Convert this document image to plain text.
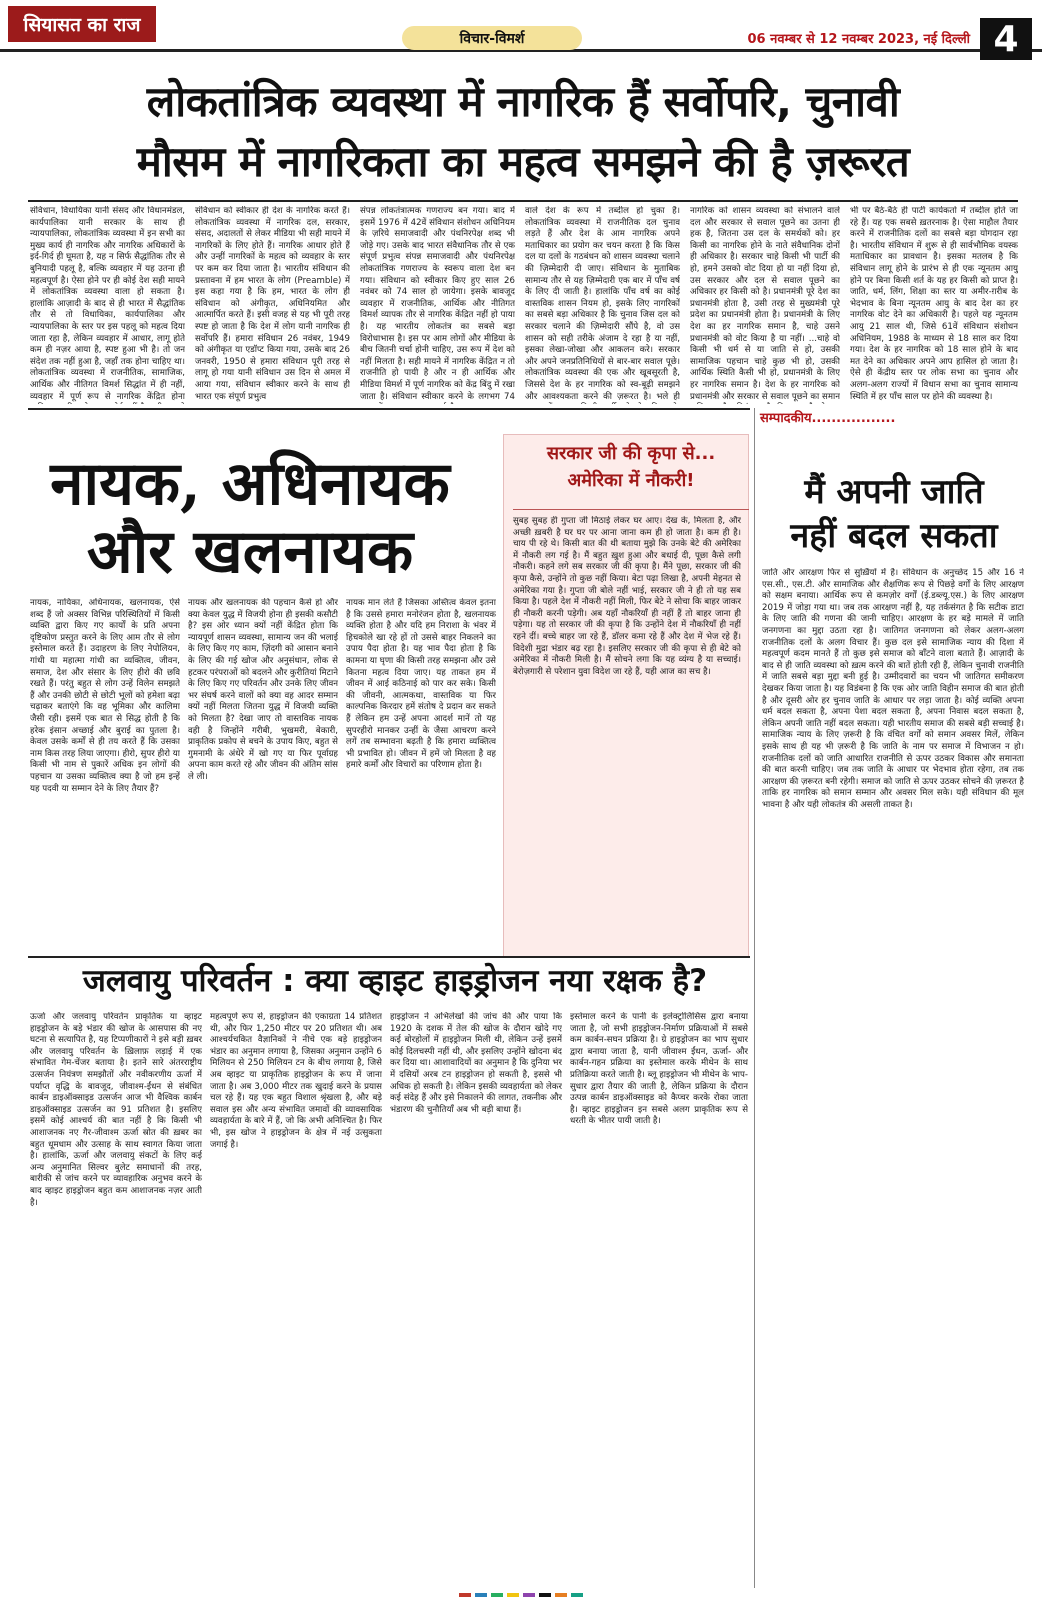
सियासत का राज
विचार-विमर्श	06 नवम्बर से 12 नवम्बर 2023, नई दिल्ली 4
लोकतांत्रिक व्यवस्था में नागरिक हैं सर्वोपरि, चुनावी
मौसम में नागरिकता का महत्व समझने की है ज़रूरत
संविधान, विधायिका यानी संसद और विधानमंडल, कार्यपालिका यानी सरकार के साथ ही न्यायपालिका, लोकतांत्रिक व्यवस्था में इन सभी का मुख्य कार्य ही नागरिक और नागरिक अधिकारों के इर्द-गिर्द ही घूमता है, यह न सिर्फ सैद्धांतिक तौर से बुनियादी पहलू है, बल्कि व्यवहार में यह उतना ही महत्वपूर्ण है। ऐसा होने पर ही कोई देश सही मायने में लोकतांत्रिक व्यवस्था वाला हो सकता है। हालांकि आज़ादी के बाद से ही भारत में सैद्धांतिक तौर से तो विधायिका, कार्यपालिका और न्यायपालिका के स्तर पर इस पहलू को महत्व दिया जाता रहा है, लेकिन व्यवहार में आधार, लागू होते कम ही नज़र आया है, स्पष्ट हुआ भी है। तो जन संदेश तक नहीं हुआ है, जहाँ तक होना चाहिए था। लोकतांत्रिक व्यवस्था में राजनीतिक, सामाजिक, आर्थिक और नीतिगत विमर्श सिद्धांत में ही नहीं, व्यवहार में पूर्ण रूप से नागरिक केंद्रित होना
संविधान को स्वीकार ही देश के नागरिक करते हैं। लोकतांत्रिक व्यवस्था में नागरिक दल, सरकार, संसद, अदालतों से लेकर मीडिया भी सही मायने में नागरिकों के लिए होते हैं। नागरिक आधार होते हैं और उन्हीं नागरिकों के महत्व को व्यवहार के स्तर पर कम कर दिया जाता है। भारतीय संविधान की प्रस्तावना में हम भारत के लोग (Preamble) में इस कहा गया है कि हम, भारत के लोग ही संविधान को अंगीकृत, अधिनियमित और आत्मार्पित करते हैं। इसी वजह से यह भी पूरी तरह स्पष्ट हो जाता है कि देश में लोग यानी नागरिक ही सर्वोपरि हैं। हमारा संविधान 26 नवंबर, 1949 को अंगीकृत या एडॉप्ट किया गया, उसके बाद 26 जनवरी, 1950 से हमारा संविधान पूरी तरह से लागू हो गया यानी संविधान उस दिन से अमल में आया गया, संविधान स्वीकार करने के साथ ही भारत एक संपूर्ण प्रभुत्व
संपन्न लोकतंत्रात्मक गणराज्य बन गया। बाद में इसमें 1976 में 42वें संविधान संशोधन अधिनियम के ज़रिये समाजवादी और पंथनिरपेक्ष शब्द भी जोड़े गए। उसके बाद भारत संवैधानिक तौर से एक संपूर्ण प्रभुत्व संपन्न समाजवादी और पंथनिरपेक्ष लोकतांत्रिक गणराज्य के स्वरूप वाला देश बन गया। संविधान को स्वीकार किए हुए साल 26 नवंबर को 74 साल हो जायेगा। इसके बावजूद व्यवहार में राजनीतिक, आर्थिक और नीतिगत विमर्श व्यापक तौर से नागरिक केंद्रित नहीं हो पाया है। यह भारतीय लोकतंत्र का सबसे बड़ा विरोधाभास है। इस पर आम लोगों और मीडिया के बीच जितनी चर्चा होनी चाहिए, उस रूप में देश को नहीं मिलता है। सही मायने में नागरिक केंद्रित न तो राजनीति हो पायी है और न ही आर्थिक और मीडिया विमर्श में पूर्ण नागरिक को केंद्र बिंदु में रखा जाता है। संविधान स्वीकार करने के लगभग 74
वाले देश के रूप में तब्दील हो चुका है। लोकतांत्रिक व्यवस्था में राजनीतिक दल चुनाव लड़ते हैं और देश के आम नागरिक अपने मताधिकार का प्रयोग कर चयन करता है कि किस दल या दलों के गठबंधन को शासन व्यवस्था चलाने की ज़िम्मेदारी दी जाए। संविधान के मुताबिक सामान्य तौर से यह ज़िम्मेदारी एक बार में पाँच वर्ष के लिए दी जाती है। हालांकि पाँच वर्ष का कोई वास्तविक शासन नियम हो, इसके लिए नागरिकों का सबसे बड़ा अधिकार है कि चुनाव जिस दल को सरकार चलाने की ज़िम्मेदारी सौंपे है, वो उस शासन को सही तरीके अंजाम दे रहा है या नहीं, इसका लेखा-जोखा और आकलन करे। सरकार और अपने जनप्रतिनिधियों से बार-बार सवाल पूछे। लोकतांत्रिक व्यवस्था की एक और खूबसूरती है, जिससे देश के हर नागरिक को स्व-बूढ़ी समझने और आवश्यकता करने की ज़रूरत है। भले ही
नागरिक को शासन व्यवस्था को संभालने वाले दल और सरकार से सवाल पूछने का उतना ही हक है, जितना उस दल के समर्थकों को। हर किसी का नागरिक होने के नाते संवैधानिक दोनों ही अधिकार है। सरकार चाहे किसी भी पार्टी की हो, हमने उसको वोट दिया हो या नहीं दिया हो, उस सरकार और दल से सवाल पूछने का अधिकार हर किसी को है। प्रधानमंत्री पूरे देश का प्रधानमंत्री होता है, उसी तरह से मुख्यमंत्री पूरे प्रदेश का प्रधानमंत्री होता है। प्रधानमंत्री के लिए देश का हर नागरिक समान है, चाहे उसने प्रधानमंत्री को वोट किया है या नहीं। ...चाहे वो किसी भी धर्म से या जाति से हो, उसकी सामाजिक पहचान चाहे कुछ भी हो, उसकी आर्थिक स्थिति कैसी भी हो, प्रधानमंत्री के लिए हर नागरिक समान है। देश के हर नागरिक को प्रधानमंत्री और सरकार से सवाल पूछने का समान
भी पर बैठे-बैठे ही पार्टी कार्यकर्ता में तब्दील होते जा रहे हैं। यह एक सबसे ख़तरनाक है। ऐसा माहौल तैयार करने में राजनीतिक दलों का सबसे बड़ा योगदान रहा है। भारतीय संविधान में शुरू से ही सार्वभौमिक वयस्क मताधिकार का प्रावधान है। इसका मतलब है कि संविधान लागू होने के प्रारंभ से ही एक न्यूनतम आयु होने पर बिना किसी शर्त के यह हर किसी को प्राप्त है। जाति, धर्म, लिंग, शिक्षा का स्तर या अमीर-ग़रीब के भेदभाव के बिना न्यूनतम आयु के बाद देश का हर नागरिक वोट देने का अधिकारी है। पहले यह न्यूनतम आयु 21 साल थी, जिसे 61वें संविधान संशोधन अधिनियम, 1988 के माध्यम से 18 साल कर दिया गया। देश के हर नागरिक को 18 साल होने के बाद मत देने का अधिकार अपने आप हासिल हो जाता है। ऐसे ही केंद्रीय स्तर पर लोक सभा का चुनाव और अलग-अलग राज्यों में विधान सभा का चुनाव सामान्य स्थिति में हर पाँच साल पर होने की व्यवस्था है।
नायक, अधिनायक
और खलनायक
नायक, नायिका, अधिनायक, खलनायक, ऐसे शब्द हैं जो अक्सर विभिन्न परिस्थितियों में किसी व्यक्ति द्वारा किए गए कार्यों के प्रति अपना दृष्टिकोण प्रस्तुत करने के लिए आम तौर से लोग इस्तेमाल करते हैं। उदाहरण के लिए नेपोलियन, गांधी या महात्मा गांधी का व्यक्तित्व, जीवन, समाज, देश और संसार के लिए हीरो की छवि रखते हैं। परंतु बहुत से लोग उन्हें विलेन समझते हैं और उनकी छोटी से छोटी भूलों को हमेशा बढ़ा चढ़ाकर बताएंगे कि वह भूमिका और कालिमा जैसी रही। इसमें एक बात से सिद्ध होती है कि हरेक इंसान अच्छाई और बुराई का पुतला है। केवल उसके कर्मों से ही तय करते हैं कि उसका नाम किस तरह लिया जाएगा। हीरो, सुपर हीरो या किसी भी नाम से पुकारें अधिक इन लोगों की पहचान या उसका व्यक्तित्व क्या है जो हम इन्हें यह पदवी या सम्मान देने के लिए तैयार हैं?
नायक और खलनायक की पहचान कैसे हो और क्या केवल युद्ध में विजयी होना ही इसकी कसौटी है? इस ओर ध्यान क्यों नहीं केंद्रित होता कि न्यायपूर्ण शासन व्यवस्था, सामान्य जन की भलाई के लिए किए गए काम, ज़िंदगी को आसान बनाने के लिए की गई खोज और अनुसंधान, लोक से हटकर परंपराओं को बदलने और कुरीतियां मिटाने के लिए किए गए परिवर्तन और उनके लिए जीवन भर संघर्ष करने वालों को क्या वह आदर सम्मान क्यों नहीं मिलता जितना युद्ध में विजयी व्यक्ति को मिलता है? देखा जाए तो वास्तविक नायक वही है जिन्होंने गरीबी, भुखमरी, बेकारी, प्राकृतिक प्रकोप से बचने के उपाय किए, बहुत से गुमनामी के अंधेरे में खो गए या फिर पूर्वाग्रह अपना काम करते रहे और जीवन की अंतिम सांस ले ली।
नायक मान लेते हैं जिसका अस्तित्व केवल इतना है कि उससे हमारा मनोरंजन होता है, खलनायक व्यक्ति होता है और यदि हम निराशा के भंवर में हिचकोले खा रहे हों तो उससे बाहर निकलने का उपाय पैदा होता है। यह भाव पैदा होता है कि कामना या घृणा की किसी तरह समझना और उसे कितना महत्व दिया जाए। यह ताकत हम में जीवन में आई कठिनाई को पार कर सके। किसी की जीवनी, आत्मकथा, वास्तविक या फिर काल्पनिक किरदार हमें संतोष दे प्रदान कर सकते हैं लेकिन हम उन्हें अपना आदर्श मानें तो यह सुपरहीरो मानकर उन्हीं के जैसा आचरण करने लगें तब सम्भावना बढ़ती है कि हमारा व्यक्तित्व भी प्रभावित हो। जीवन में हमें जो मिलता है वह हमारे कर्मों और विचारों का परिणाम होता है।
सरकार जी की कृपा से...
अमेरिका में नौकरी!
सुबह सुबह ही गुप्ता जी मिठाई लेकर घर आए। देख के, मिलता है, और अच्छी ख़बरी है घर घर पर आना जाना कम ही हो जाता है। कम ही है। चाय पी रहे थे। किसी बात की थी बताया मुझे कि उनके बेटे की अमेरिका में नौकरी लग गई है। मैं बहुत ख़ुश हुआ और बधाई दी, पूछा कैसे लगी नौकरी। कहने लगे सब सरकार जी की कृपा है। मैंने पूछा, सरकार जी की कृपा कैसे, उन्होंने तो कुछ नहीं किया। बेटा पढ़ा लिखा है, अपनी मेहनत से अमेरिका गया है। गुप्ता जी बोले नहीं भाई, सरकार जी ने ही तो यह सब किया है। पहले देश में नौकरी नहीं मिली, फिर बेटे ने सोचा कि बाहर जाकर ही नौकरी करनी पड़ेगी। अब यहाँ नौकरियाँ ही नहीं हैं तो बाहर जाना ही पड़ेगा। यह तो सरकार जी की कृपा है कि उन्होंने देश में नौकरियाँ ही नहीं रहने दीं। बच्चे बाहर जा रहे हैं, डॉलर कमा रहे हैं और देश में भेज रहे हैं। विदेशी मुद्रा भंडार बढ़ रहा है। इसलिए सरकार जी की कृपा से ही बेटे को अमेरिका में नौकरी मिली है। मैं सोचने लगा कि यह व्यंग्य है या सच्चाई। बेरोज़गारी से परेशान युवा विदेश जा रहे हैं, यही आज का सच है।
सम्पादकीय.................
मैं अपनी जाति
नहीं बदल सकता
जाति और आरक्षण फिर से सुर्ख़ियों में है। संविधान के अनुच्छेद 15 और 16 ने एस.सी., एस.टी. और सामाजिक और शैक्षणिक रूप से पिछड़े वर्गों के लिए आरक्षण को सक्षम बनाया। आर्थिक रूप से कमज़ोर वर्गों (ई.डब्ल्यू.एस.) के लिए आरक्षण 2019 में जोड़ा गया था। जब तक आरक्षण नहीं है, यह तर्कसंगत है कि सटीक डाटा के लिए जाति की गणना की जानी चाहिए। आरक्षण के हर बड़े मामले में जाति जनगणना का मुद्दा उठता रहा है। जातिगत जनगणना को लेकर अलग-अलग राजनीतिक दलों के अलग विचार हैं। कुछ दल इसे सामाजिक न्याय की दिशा में महत्वपूर्ण कदम मानते हैं तो कुछ इसे समाज को बाँटने वाला बताते हैं। आज़ादी के बाद से ही जाति व्यवस्था को ख़त्म करने की बातें होती रही हैं, लेकिन चुनावी राजनीति में जाति सबसे बड़ा मुद्दा बनी हुई है। उम्मीदवारों का चयन भी जातिगत समीकरण देखकर किया जाता है। यह विडंबना है कि एक ओर जाति विहीन समाज की बात होती है और दूसरी ओर हर चुनाव जाति के आधार पर लड़ा जाता है। कोई व्यक्ति अपना धर्म बदल सकता है, अपना पेशा बदल सकता है, अपना निवास बदल सकता है, लेकिन अपनी जाति नहीं बदल सकता। यही भारतीय समाज की सबसे बड़ी सच्चाई है। सामाजिक न्याय के लिए ज़रूरी है कि वंचित वर्गों को समान अवसर मिलें, लेकिन इसके साथ ही यह भी ज़रूरी है कि जाति के नाम पर समाज में विभाजन न हो। राजनीतिक दलों को जाति आधारित राजनीति से ऊपर उठकर विकास और समानता की बात करनी चाहिए। जब तक जाति के आधार पर भेदभाव होता रहेगा, तब तक आरक्षण की ज़रूरत बनी रहेगी। समाज को जाति से ऊपर उठकर सोचने की ज़रूरत है ताकि हर नागरिक को समान सम्मान और अवसर मिल सके। यही संविधान की मूल भावना है और यही लोकतंत्र की असली ताकत है।
जलवायु परिवर्तन : क्या व्हाइट हाइड्रोजन नया रक्षक है?
ऊर्जा और जलवायु परिवर्तन प्राकृतिक या व्हाइट हाइड्रोजन के बड़े भंडार की खोज के आसपास की नए घटना से सत्यापित है, यह टिप्पणीकारों ने इसे बड़ी ख़बर और जलवायु परिवर्तन के ख़िलाफ़ लड़ाई में एक संभावित गेम-चेंजर बताया है। इतने सारे अंतरराष्ट्रीय उत्सर्जन नियंत्रण समझौतों और नवीकरणीय ऊर्जा में पर्याप्त वृद्धि के बावजूद, जीवाश्म-ईंधन से संबंधित कार्बन डाइऑक्साइड उत्सर्जन आज भी वैश्विक कार्बन डाइऑक्साइड उत्सर्जन का 91 प्रतिशत है। इसलिए इसमें कोई आश्चर्य की बात नहीं है कि किसी भी आशाजनक नए गैर-जीवाश्म ऊर्जा स्रोत की ख़बर का बहुत धूमधाम और उत्साह के साथ स्वागत किया जाता है। हालांकि, ऊर्जा और जलवायु संकटों के लिए कई अन्य अनुमानित सिल्वर बुलेट समाधानों की तरह, बारीकी से जांच करने पर व्यावहारिक अनुभव करने के बाद व्हाइट हाइड्रोजन बहुत कम आशाजनक नज़र आती है।
महत्वपूर्ण रूप से, हाइड्रोजन की एकाग्रता 14 प्रतिशत थी, और फिर 1,250 मीटर पर 20 प्रतिशत थी। अब आश्चर्यचकित वैज्ञानिकों ने नीचे एक बड़े हाइड्रोजन भंडार का अनुमान लगाया है, जिसका अनुमान उन्होंने 6 मिलियन से 250 मिलियन टन के बीच लगाया है, जिसे अब व्हाइट या प्राकृतिक हाइड्रोजन के रूप में जाना जाता है। अब 3,000 मीटर तक खुदाई करने के प्रयास चल रहे हैं। यह एक बहुत विशाल श्रृंखला है, और बड़े सवाल इस और अन्य संभावित जमावों की व्यावसायिक व्यवहार्यता के बारे में हैं, जो कि अभी अनिश्चित है। फिर भी, इस खोज ने हाइड्रोजन के क्षेत्र में नई उत्सुकता जगाई है।
हाइड्रोजन ने अभिलेखों की जांच की और पाया कि 1920 के दशक में तेल की खोज के दौरान खोदे गए कई बोरहोलों में हाइड्रोजन मिली थी, लेकिन उन्हें इसमें कोई दिलचस्पी नहीं थी, और इसलिए उन्होंने खोदना बंद कर दिया था। आशावादियों का अनुमान है कि दुनिया भर में दसियों अरब टन हाइड्रोजन हो सकती है, इससे भी अधिक हो सकती है। लेकिन इसकी व्यवहार्यता को लेकर कई संदेह हैं और इसे निकालने की लागत, तकनीक और भंडारण की चुनौतियाँ अब भी बड़ी बाधा हैं।
इस्तेमाल करने के पानी के इलेक्ट्रोलिसिस द्वारा बनाया जाता है, जो सभी हाइड्रोजन-निर्माण प्रक्रियाओं में सबसे कम कार्बन-सघन प्रक्रिया है। ग्रे हाइड्रोजन का भाप सुधार द्वारा बनाया जाता है, यानी जीवाश्म ईंधन, ऊर्जा- और कार्बन-गहन प्रक्रिया का इस्तेमाल करके मीथेन के साथ प्रतिक्रिया करते जाती है। ब्लू हाइड्रोजन भी मीथेन के भाप-सुधार द्वारा तैयार की जाती है, लेकिन प्रक्रिया के दौरान उत्पन्न कार्बन डाइऑक्साइड को कैप्चर करके रोका जाता है। व्हाइट हाइड्रोजन इन सबसे अलग प्राकृतिक रूप से धरती के भीतर पायी जाती है।
